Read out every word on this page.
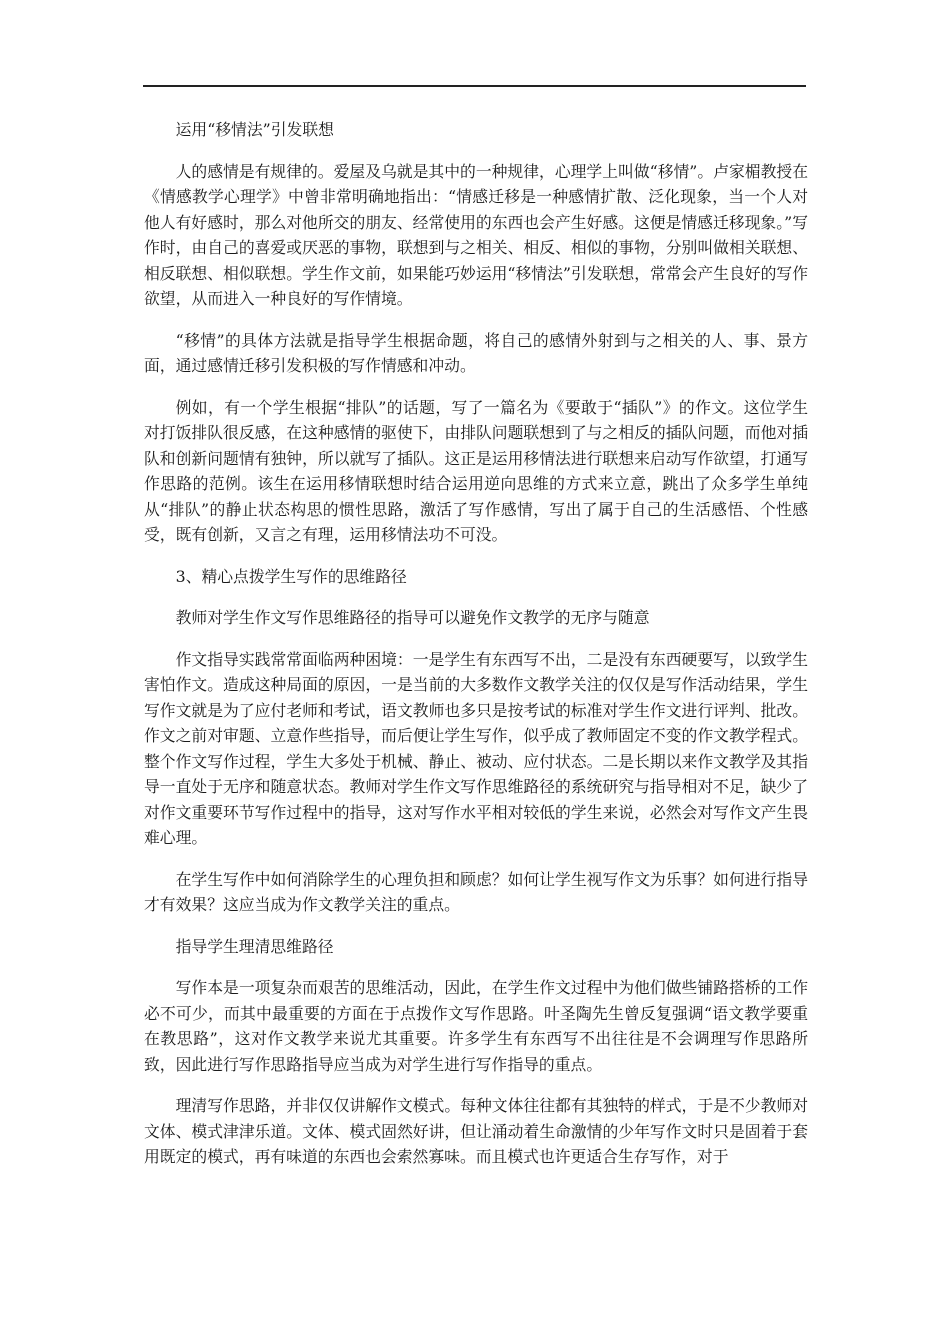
运用“移情法”引发联想

人的感情是有规律的。爱屋及乌就是其中的一种规律，心理学上叫做“移情”。卢家楣教授在《情感教学心理学》中曾非常明确地指出：“情感迁移是一种感情扩散、泛化现象，当一个人对他人有好感时，那么对他所交的朋友、经常使用的东西也会产生好感。这便是情感迁移现象。”写作时，由自己的喜爱或厌恶的事物，联想到与之相关、相反、相似的事物，分别叫做相关联想、相反联想、相似联想。学生作文前，如果能巧妙运用“移情法”引发联想，常常会产生良好的写作欲望，从而进入一种良好的写作情境。

“移情”的具体方法就是指导学生根据命题，将自己的感情外射到与之相关的人、事、景方面，通过感情迁移引发积极的写作情感和冲动。

例如，有一个学生根据“排队”的话题，写了一篇名为《要敢于“插队”》的作文。这位学生对打饭排队很反感，在这种感情的驱使下，由排队问题联想到了与之相反的插队问题，而他对插队和创新问题情有独钟，所以就写了插队。这正是运用移情法进行联想来启动写作欲望，打通写作思路的范例。该生在运用移情联想时结合运用逆向思维的方式来立意，跳出了众多学生单纯从“排队”的静止状态构思的惯性思路，激活了写作感情，写出了属于自己的生活感悟、个性感受，既有创新，又言之有理，运用移情法功不可没。

3、精心点拨学生写作的思维路径

教师对学生作文写作思维路径的指导可以避免作文教学的无序与随意

作文指导实践常常面临两种困境：一是学生有东西写不出，二是没有东西硬要写，以致学生害怕作文。造成这种局面的原因，一是当前的大多数作文教学关注的仅仅是写作活动结果，学生写作文就是为了应付老师和考试，语文教师也多只是按考试的标准对学生作文进行评判、批改。作文之前对审题、立意作些指导，而后便让学生写作，似乎成了教师固定不变的作文教学程式。整个作文写作过程，学生大多处于机械、静止、被动、应付状态。二是长期以来作文教学及其指导一直处于无序和随意状态。教师对学生作文写作思维路径的系统研究与指导相对不足，缺少了对作文重要环节写作过程中的指导，这对写作水平相对较低的学生来说，必然会对写作文产生畏难心理。

在学生写作中如何消除学生的心理负担和顾虑？如何让学生视写作文为乐事？如何进行指导才有效果？这应当成为作文教学关注的重点。

指导学生理清思维路径

写作本是一项复杂而艰苦的思维活动，因此，在学生作文过程中为他们做些铺路搭桥的工作必不可少，而其中最重要的方面在于点拨作文写作思路。叶圣陶先生曾反复强调“语文教学要重在教思路”，这对作文教学来说尤其重要。许多学生有东西写不出往往是不会调理写作思路所致，因此进行写作思路指导应当成为对学生进行写作指导的重点。

理清写作思路，并非仅仅讲解作文模式。每种文体往往都有其独特的样式，于是不少教师对文体、模式津津乐道。文体、模式固然好讲，但让涌动着生命激情的少年写作文时只是固着于套用既定的模式，再有味道的东西也会索然寡味。而且模式也许更适合生存写作，对于
